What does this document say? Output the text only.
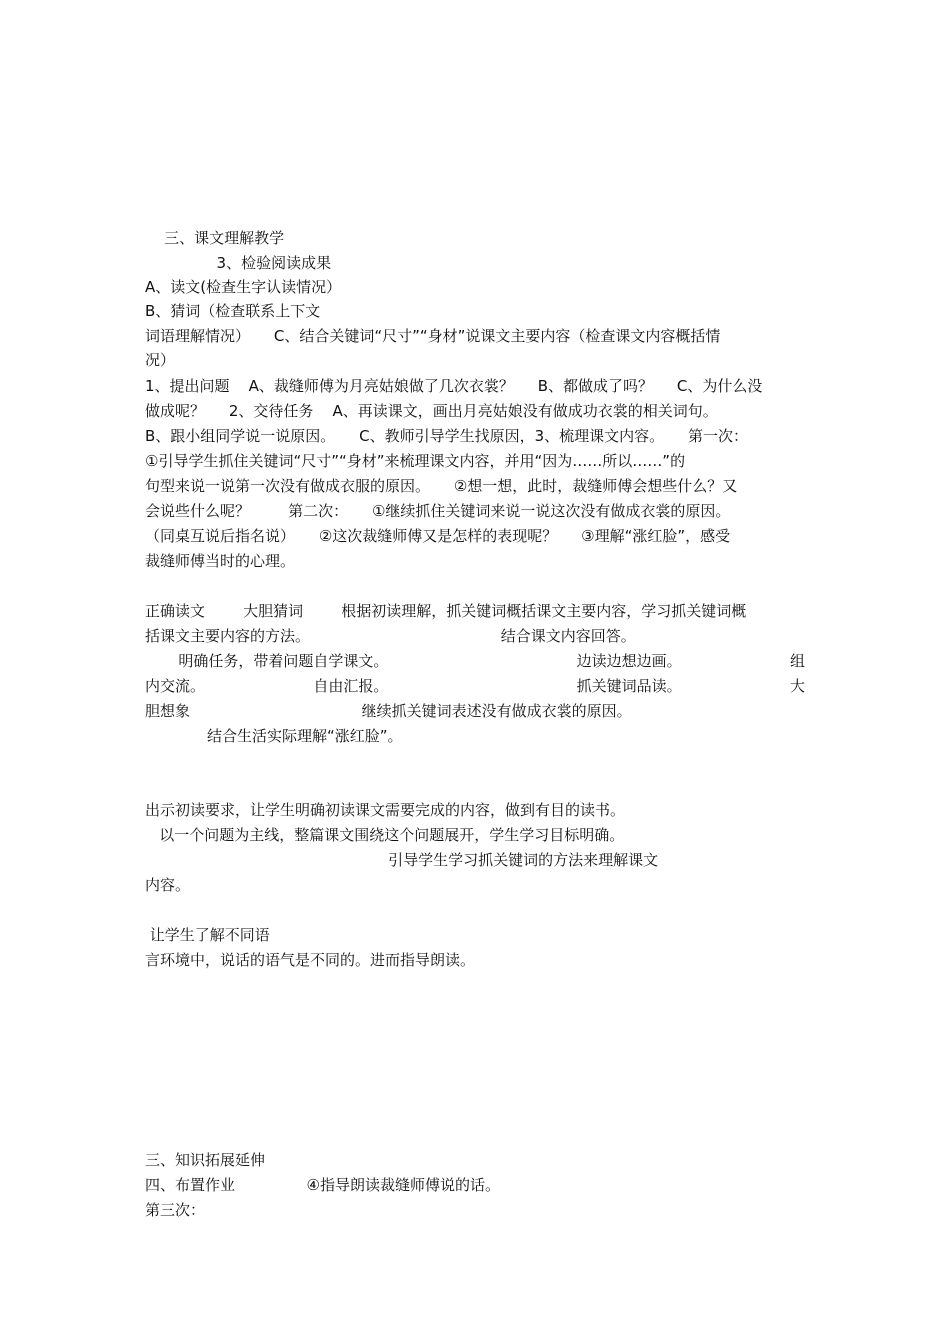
三、课文理解教学
3、检验阅读成果
A、读文(检查生字认读情况）
B、猜词（检查联系上下文
词语理解情况）     C、结合关键词“尺寸”“身材”说课文主要内容（检查课文内容概括情
况）
1、提出问题    A、裁缝师傅为月亮姑娘做了几次衣裳？     B、都做成了吗？     C、为什么没
做成呢？     2、交待任务    A、再读课文，画出月亮姑娘没有做成功衣裳的相关词句。
B、跟小组同学说一说原因。     C、教师引导学生找原因，3、梳理课文内容。     第一次：
①引导学生抓住关键词“尺寸”“身材”来梳理课文内容，并用“因为……所以……”的
句型来说一说第一次没有做成衣服的原因。     ②想一想，此时，裁缝师傅会想些什么？又
会说些什么呢？        第二次：     ①继续抓住关键词来说一说这次没有做成衣裳的原因。
（同桌互说后指名说）     ②这次裁缝师傅又是怎样的表现呢？     ③理解“涨红脸”，感受
裁缝师傅当时的心理。
正确读文        大胆猜词        根据初读理解，抓关键词概括课文主要内容，学习抓关键词概
括课文主要内容的方法。                                        结合课文内容回答。
明确任务，带着问题自学课文。	边读边想边画。	组
内交流。	自由汇报。	抓关键词品读。	大
胆想象                                    继续抓关键词表述没有做成衣裳的原因。
结合生活实际理解“涨红脸”。
出示初读要求，让学生明确初读课文需要完成的内容，做到有目的读书。
以一个问题为主线，整篇课文围绕这个问题展开，学生学习目标明确。
引导学生学习抓关键词的方法来理解课文
内容。
让学生了解不同语
言环境中，说话的语气是不同的。进而指导朗读。
三、知识拓展延伸
四、布置作业               ④指导朗读裁缝师傅说的话。
第三次：
